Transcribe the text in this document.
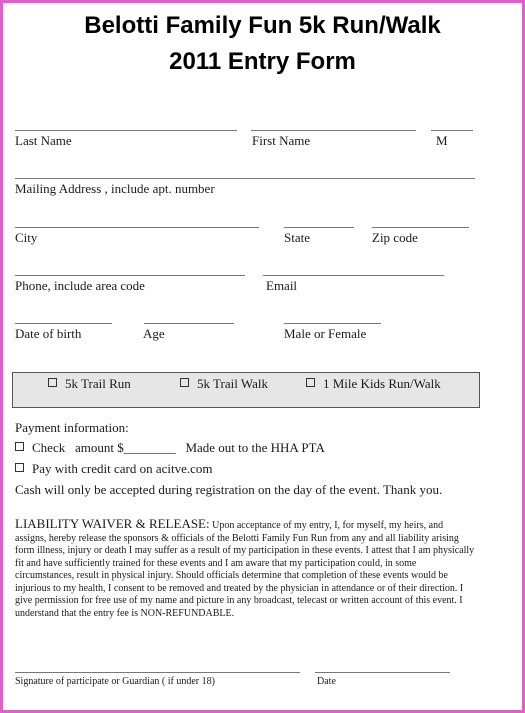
Belotti Family Fun 5k Run/Walk
2011 Entry Form
Last Name	First Name	M
Mailing Address , include apt. number
City	State	Zip code
Phone, include area code	Email
Date of birth	Age	Male or Female
5k Trail Run	5k Trail Walk	1 Mile Kids Run/Walk
Payment information:
Check   amount $________   Made out to the HHA PTA
Pay with credit card on acitve.com
Cash will only be accepted during registration on the day of the event. Thank you.
LIABILITY WAIVER & RELEASE: Upon acceptance of my entry, I, for myself, my heirs, and assigns, hereby release the sponsors & officials of the Belotti Family Fun Run from any and all liability arising form illness, injury or death I may suffer as a result of my participation in these events. I attest that I am physically fit and have sufficiently trained for these events and I am aware that my participation could, in some circumstances, result in physical injury. Should officials determine that completion of these events would be injurious to my health, I consent to be removed and treated by the physician in attendance or of their direction. I give permission for free use of my name and picture in any broadcast, telecast or written account of this event. I understand that the entry fee is NON-REFUNDABLE.
Signature of participate or Guardian ( if under 18)	Date
